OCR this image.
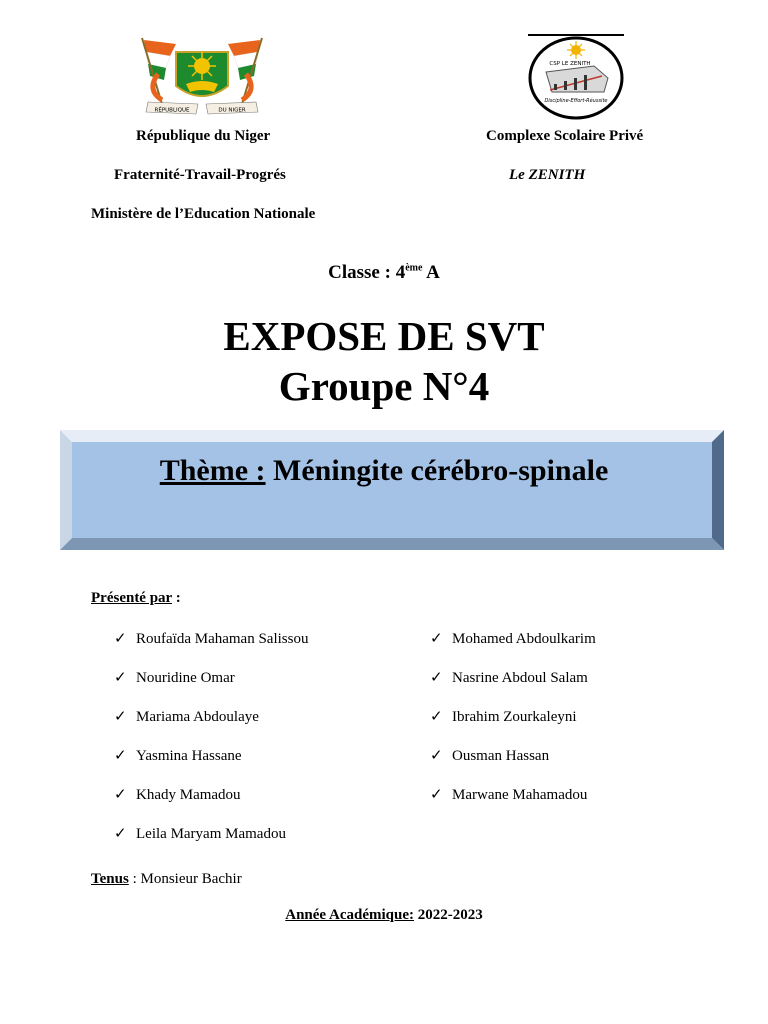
RÉPUBLIQUE	DU NIGER
CSP LE ZENITH
Discipline-Effort-Réussite
République du Niger
Fraternité-Travail-Progrés
Ministère de l’Education Nationale
Complexe Scolaire Privé
Le ZENITH
Classe : 4ème A
EXPOSE DE SVT
Groupe N°4
Thème : Méningite cérébro-spinale
Présenté par :
✓ Roufaïda Mahaman Salissou
✓ Nouridine Omar
✓ Mariama Abdoulaye
✓ Yasmina Hassane
✓ Khady Mamadou
✓ Leila Maryam Mamadou
✓ Mohamed Abdoulkarim
✓ Nasrine Abdoul Salam
✓ Ibrahim Zourkaleyni
✓ Ousman Hassan
✓ Marwane Mahamadou
Tenus : Monsieur Bachir
Année Académique: 2022-2023
